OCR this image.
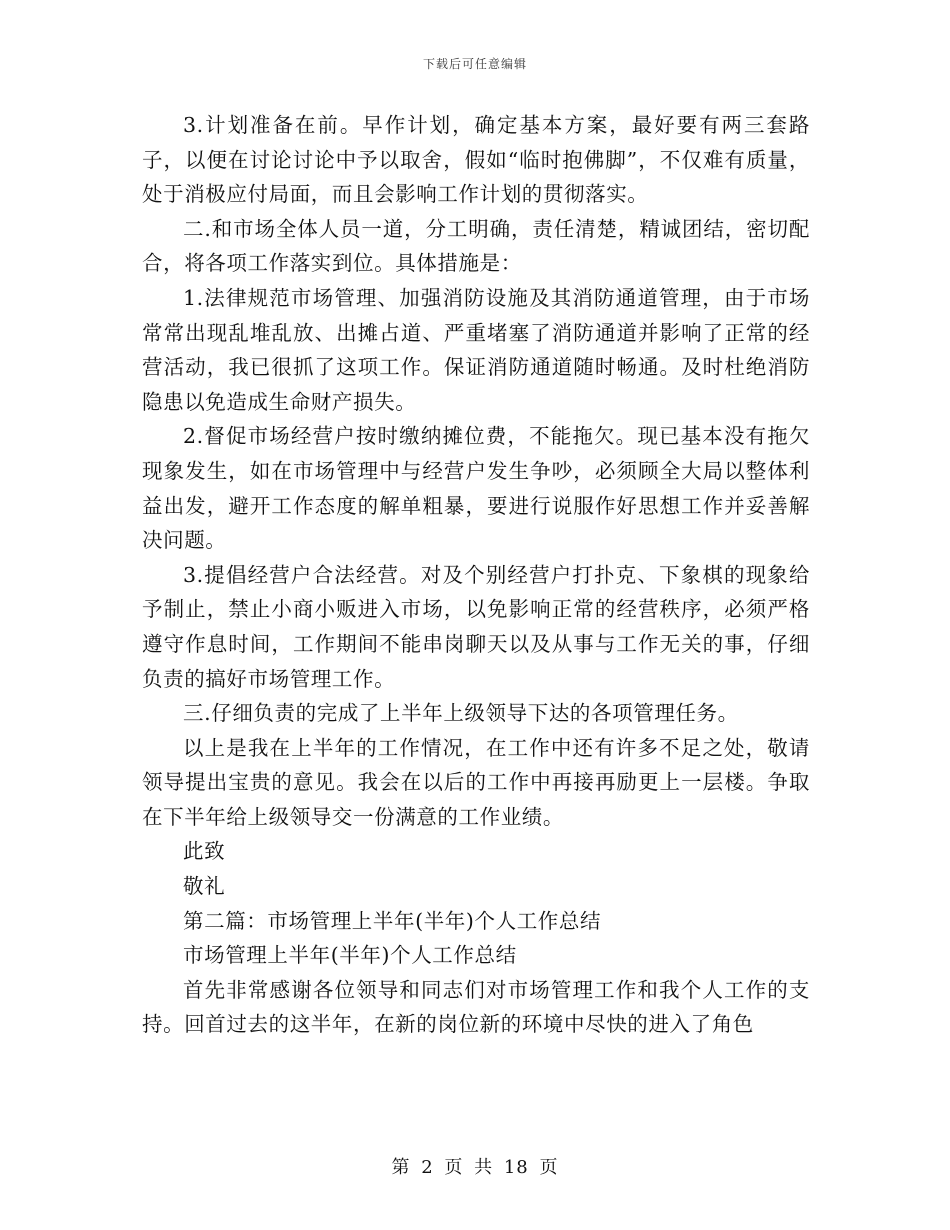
下载后可任意编辑

3.计划准备在前。早作计划，确定基本方案，最好要有两三套路子，以便在讨论讨论中予以取舍，假如“临时抱佛脚”，不仅难有质量，处于消极应付局面，而且会影响工作计划的贯彻落实。

二.和市场全体人员一道，分工明确，责任清楚，精诚团结，密切配合，将各项工作落实到位。具体措施是：

1.法律规范市场管理、加强消防设施及其消防通道管理，由于市场常常出现乱堆乱放、出摊占道、严重堵塞了消防通道并影响了正常的经营活动，我已很抓了这项工作。保证消防通道随时畅通。及时杜绝消防隐患以免造成生命财产损失。

2.督促市场经营户按时缴纳摊位费，不能拖欠。现已基本没有拖欠现象发生，如在市场管理中与经营户发生争吵，必须顾全大局以整体利益出发，避开工作态度的解单粗暴，要进行说服作好思想工作并妥善解决问题。

3.提倡经营户合法经营。对及个别经营户打扑克、下象棋的现象给予制止，禁止小商小贩进入市场，以免影响正常的经营秩序，必须严格遵守作息时间，工作期间不能串岗聊天以及从事与工作无关的事，仔细负责的搞好市场管理工作。

三.仔细负责的完成了上半年上级领导下达的各项管理任务。

以上是我在上半年的工作情况，在工作中还有许多不足之处，敬请领导提出宝贵的意见。我会在以后的工作中再接再励更上一层楼。争取在下半年给上级领导交一份满意的工作业绩。

此致

敬礼

第二篇：市场管理上半年(半年)个人工作总结

市场管理上半年(半年)个人工作总结

首先非常感谢各位领导和同志们对市场管理工作和我个人工作的支持。回首过去的这半年，在新的岗位新的环境中尽快的进入了角色

第 2 页 共 18 页
